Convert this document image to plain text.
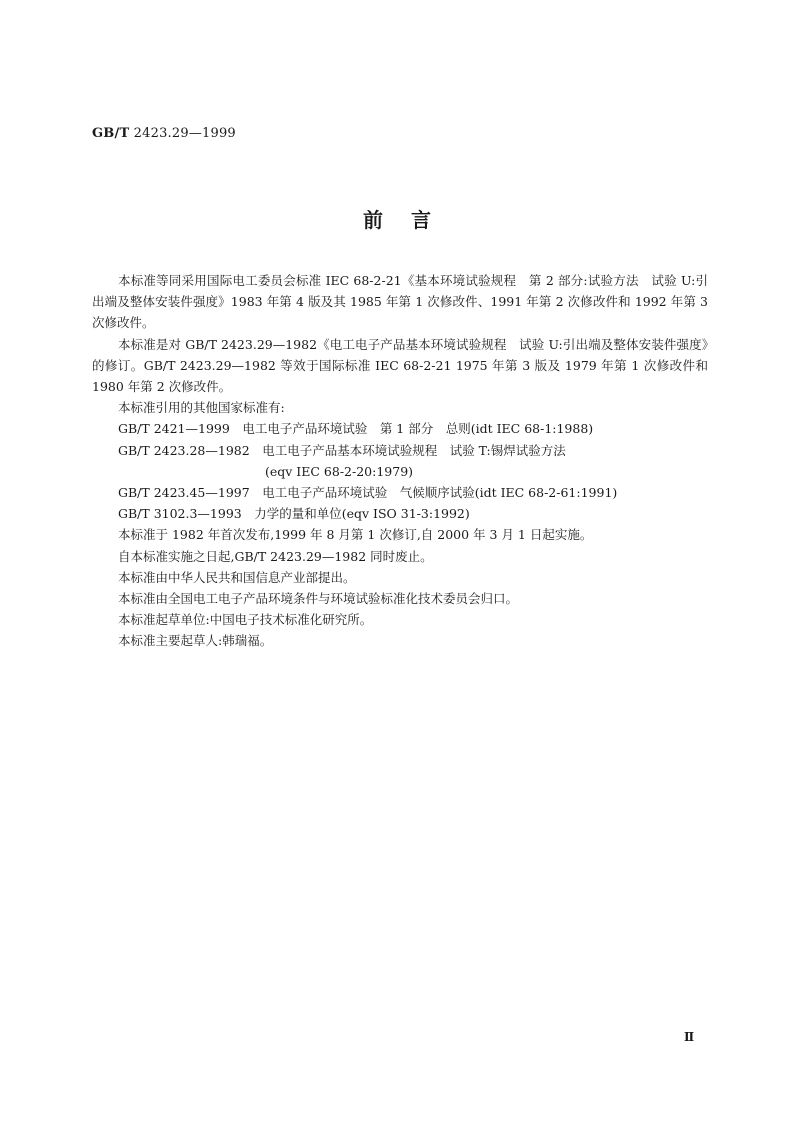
GB/T 2423.29—1999
前言

本标准等同采用国际电工委员会标准 IEC 68-2-21《基本环境试验规程　第 2 部分:试验方法　试验 U:引出端及整体安装件强度》1983 年第 4 版及其 1985 年第 1 次修改件、1991 年第 2 次修改件和 1992 年第 3 次修改件。

本标准是对 GB/T 2423.29—1982《电工电子产品基本环境试验规程　试验 U:引出端及整体安装件强度》的修订。GB/T 2423.29—1982 等效于国际标准 IEC 68-2-21 1975 年第 3 版及 1979 年第 1 次修改件和 1980 年第 2 次修改件。

本标准引用的其他国家标准有:

GB/T 2421—1999　电工电子产品环境试验　第 1 部分　总则(idt IEC 68-1:1988)

GB/T 2423.28—1982　电工电子产品基本环境试验规程　试验 T:锡焊试验方法

(eqv IEC 68-2-20:1979)

GB/T 2423.45—1997　电工电子产品环境试验　气候顺序试验(idt IEC 68-2-61:1991)

GB/T 3102.3—1993　力学的量和单位(eqv ISO 31-3:1992)

本标准于 1982 年首次发布,1999 年 8 月第 1 次修订,自 2000 年 3 月 1 日起实施。

自本标准实施之日起,GB/T 2423.29—1982 同时废止。

本标准由中华人民共和国信息产业部提出。

本标准由全国电工电子产品环境条件与环境试验标准化技术委员会归口。

本标准起草单位:中国电子技术标准化研究所。

本标准主要起草人:韩瑞福。

Ⅱ
